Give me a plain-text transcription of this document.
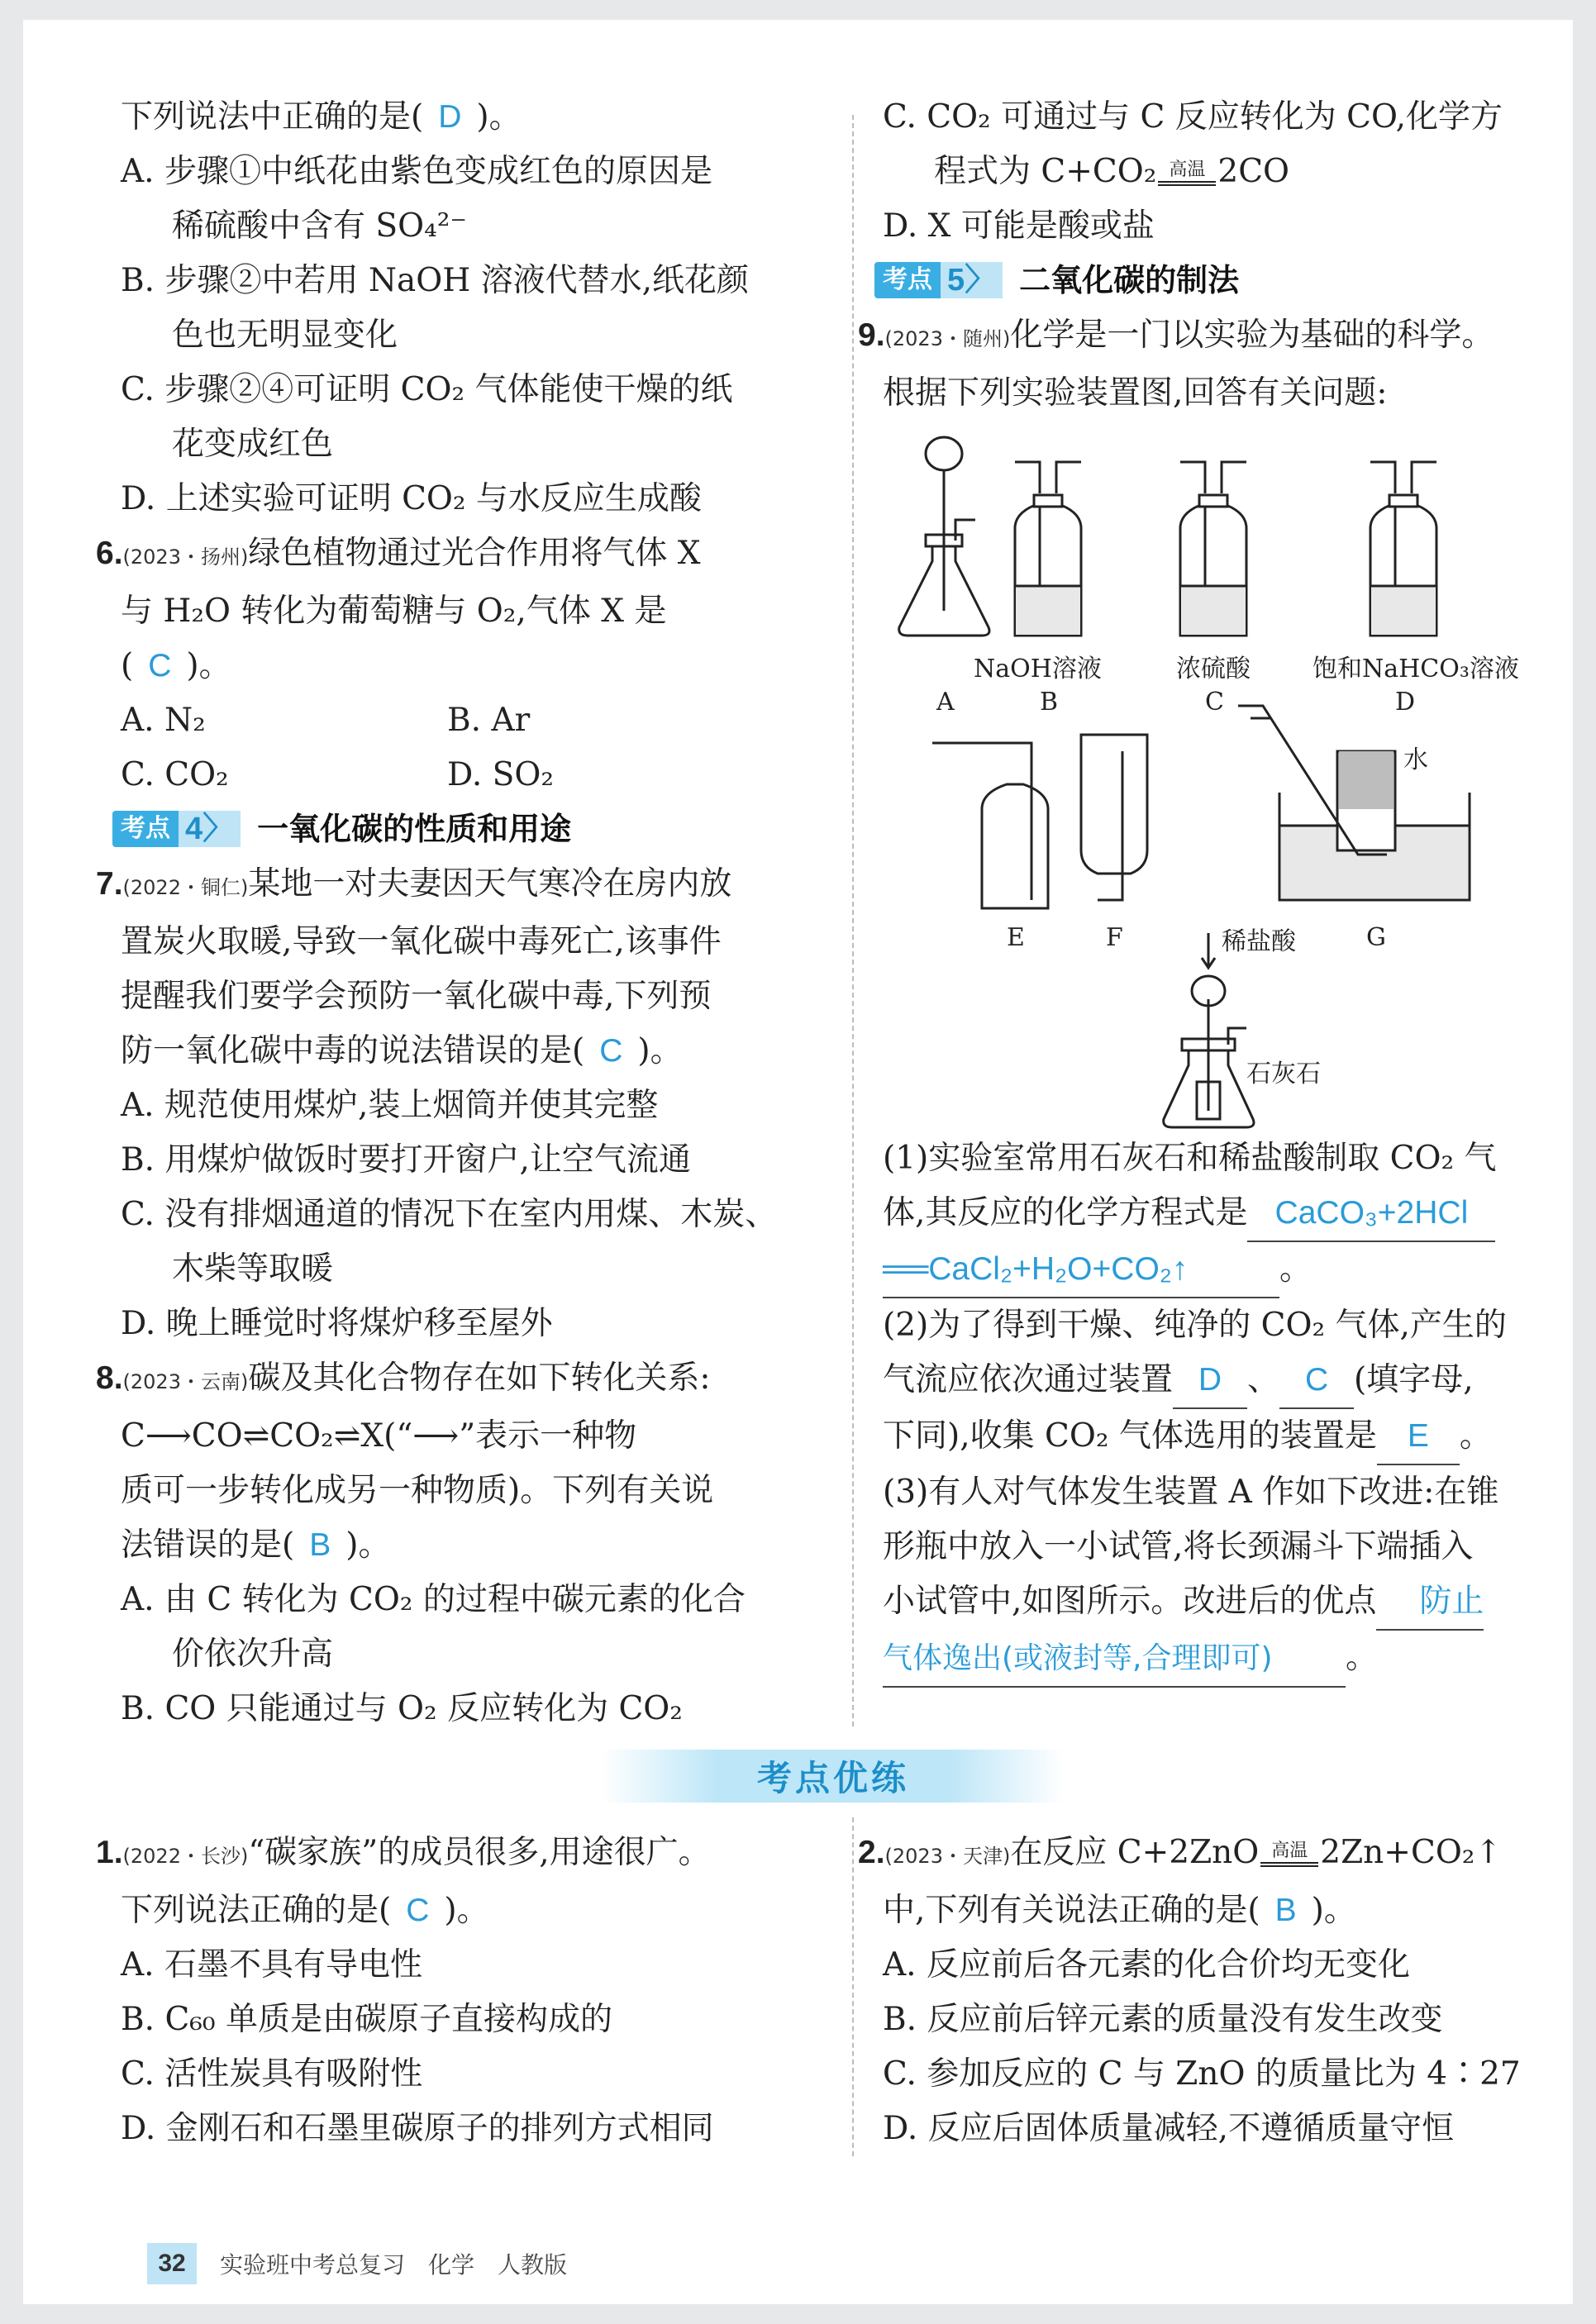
下列说法中正确的是( D )。
A. 步骤①中纸花由紫色变成红色的原因是
稀硫酸中含有 SO₄²⁻
B. 步骤②中若用 NaOH 溶液代替水,纸花颜
色也无明显变化
C. 步骤②④可证明 CO₂ 气体能使干燥的纸
花变成红色
D. 上述实验可证明 CO₂ 与水反应生成酸
6.(2023・扬州)绿色植物通过光合作用将气体 X
与 H₂O 转化为葡萄糖与 O₂,气体 X 是
( C )。
A. N₂	B. Ar
C. CO₂	D. SO₂
考点 4〉 一氧化碳的性质和用途
7.(2022・铜仁)某地一对夫妻因天气寒冷在房内放
置炭火取暖,导致一氧化碳中毒死亡,该事件
提醒我们要学会预防一氧化碳中毒,下列预
防一氧化碳中毒的说法错误的是( C )。
A. 规范使用煤炉,装上烟筒并使其完整
B. 用煤炉做饭时要打开窗户,让空气流通
C. 没有排烟通道的情况下在室内用煤、木炭、
木柴等取暖
D. 晚上睡觉时将煤炉移至屋外
8.(2023・云南)碳及其化合物存在如下转化关系:
C⟶CO⇌CO₂⇌X(“⟶”表示一种物
质可一步转化成另一种物质)。下列有关说
法错误的是( B )。
A. 由 C 转化为 CO₂ 的过程中碳元素的化合
价依次升高
B. CO 只能通过与 O₂ 反应转化为 CO₂
C. CO₂ 可通过与 C 反应转化为 CO,化学方
程式为 C+CO₂ 高温 2CO
D. X 可能是酸或盐
考点 5〉 二氧化碳的制法
9.(2023・随州)化学是一门以实验为基础的科学。
根据下列实验装置图,回答有关问题:
NaOH溶液	浓硫酸	饱和NaHCO₃溶液
A	B	C	D
E	F	G
水
稀盐酸
石灰石
(1)实验室常用石灰石和稀盐酸制取 CO₂ 气
体,其反应的化学方程式是 CaCO₃+2HCl
══CaCl₂+H₂O+CO₂↑	。
(2)为了得到干燥、纯净的 CO₂ 气体,产生的
气流应依次通过装置 D 、 C (填字母,
下同),收集 CO₂ 气体选用的装置是 E 。
(3)有人对气体发生装置 A 作如下改进:在锥
形瓶中放入一小试管,将长颈漏斗下端插入
小试管中,如图所示。改进后的优点 防止
气体逸出(或液封等,合理即可) 。
考点优练
1.(2022・长沙)“碳家族”的成员很多,用途很广。
下列说法正确的是( C )。
A. 石墨不具有导电性
B. C₆₀ 单质是由碳原子直接构成的
C. 活性炭具有吸附性
D. 金刚石和石墨里碳原子的排列方式相同
2.(2023・天津)在反应 C+2ZnO 高温 2Zn+CO₂↑
中,下列有关说法正确的是( B )。
A. 反应前后各元素的化合价均无变化
B. 反应前后锌元素的质量没有发生改变
C. 参加反应的 C 与 ZnO 的质量比为 4∶27
D. 反应后固体质量减轻,不遵循质量守恒
32	实验班中考总复习 化学 人教版
